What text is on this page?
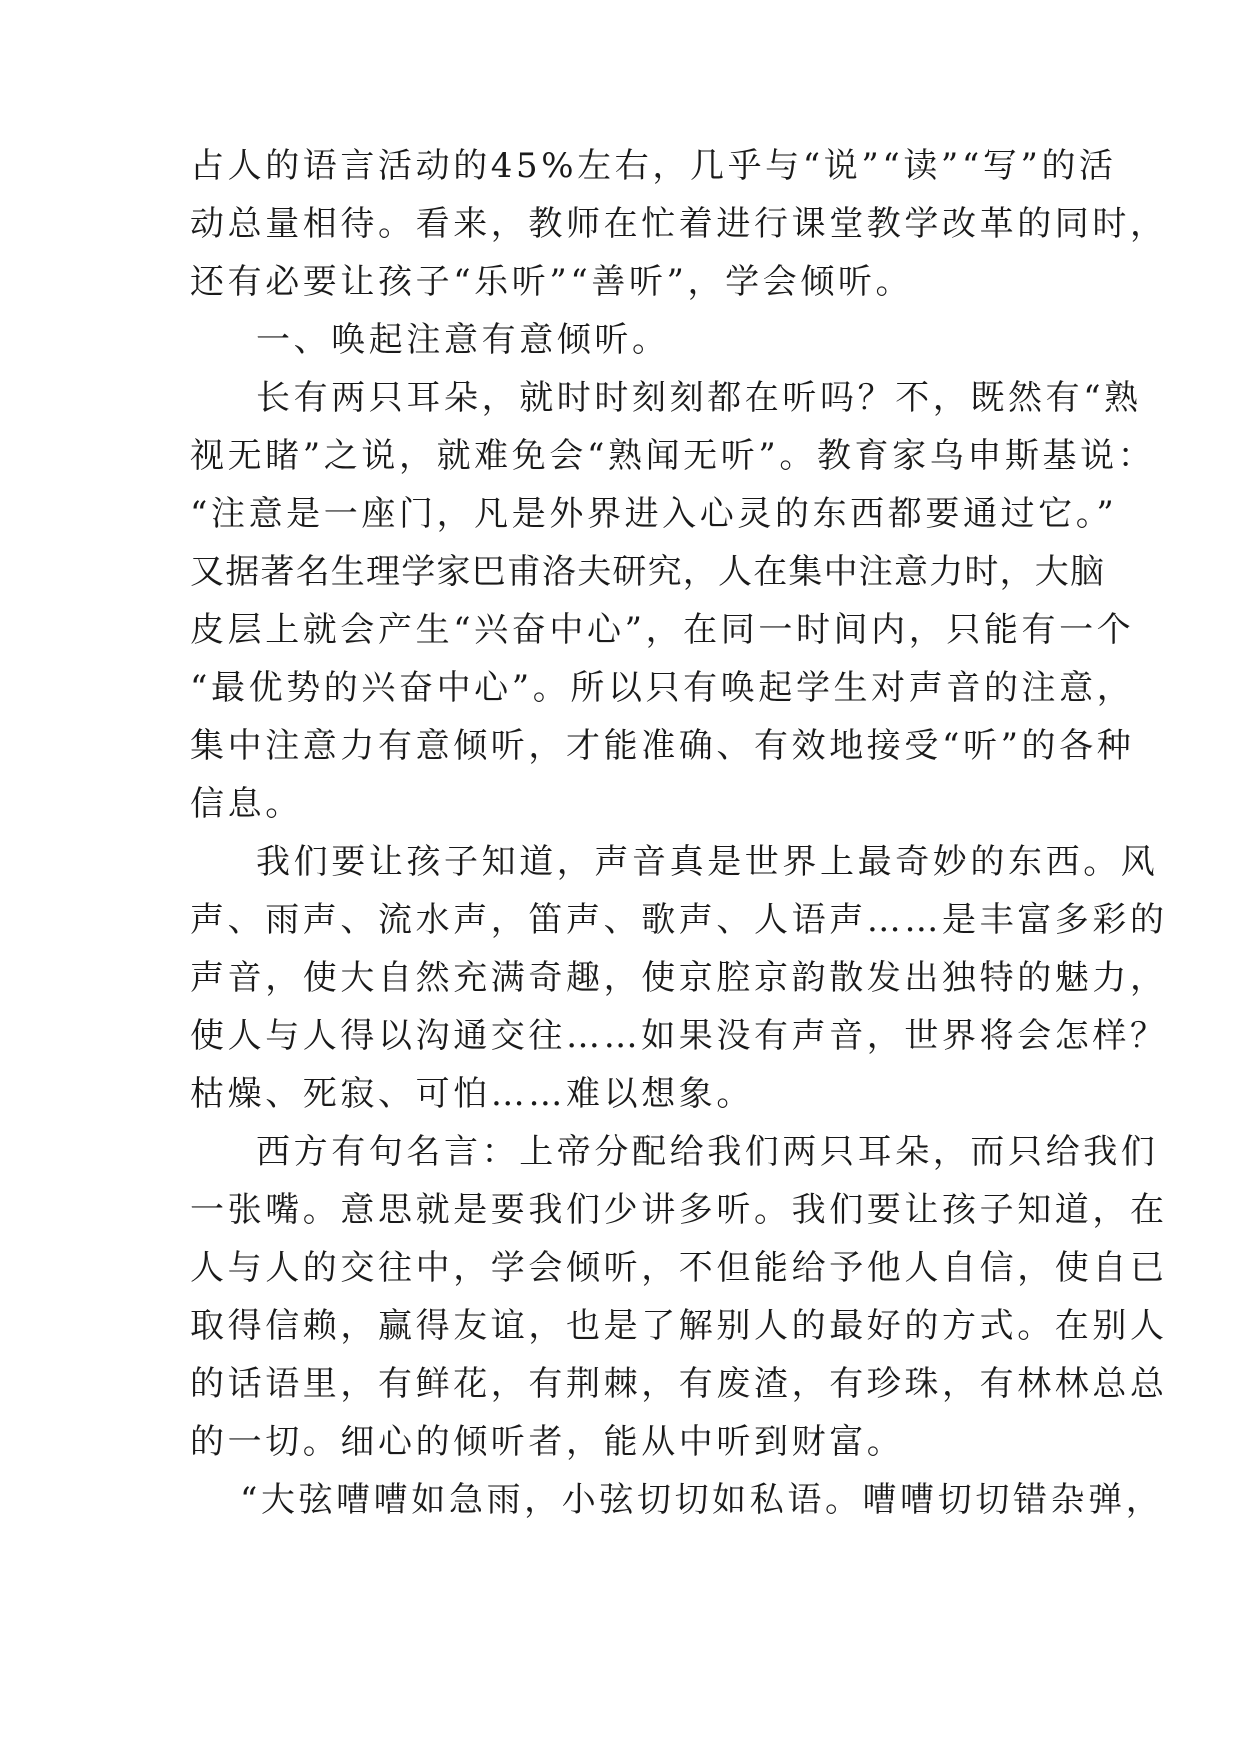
占人的语言活动的45%左右，几乎与“说”“读”“写”的活
动总量相待。看来，教师在忙着进行课堂教学改革的同时，
还有必要让孩子“乐听”“善听”，学会倾听。
一、唤起注意有意倾听。
长有两只耳朵，就时时刻刻都在听吗？不，既然有“熟
视无睹”之说，就难免会“熟闻无听”。教育家乌申斯基说：
“注意是一座门，凡是外界进入心灵的东西都要通过它。”
又据著名生理学家巴甫洛夫研究，人在集中注意力时，大脑
皮层上就会产生“兴奋中心”，在同一时间内，只能有一个
“最优势的兴奋中心”。所以只有唤起学生对声音的注意，
集中注意力有意倾听，才能准确、有效地接受“听”的各种
信息。
我们要让孩子知道，声音真是世界上最奇妙的东西。风
声、雨声、流水声，笛声、歌声、人语声……是丰富多彩的
声音，使大自然充满奇趣，使京腔京韵散发出独特的魅力，
使人与人得以沟通交往……如果没有声音，世界将会怎样？
枯燥、死寂、可怕……难以想象。
西方有句名言：上帝分配给我们两只耳朵，而只给我们
一张嘴。意思就是要我们少讲多听。我们要让孩子知道，在
人与人的交往中，学会倾听，不但能给予他人自信，使自已
取得信赖，赢得友谊，也是了解别人的最好的方式。在别人
的话语里，有鲜花，有荆棘，有废渣，有珍珠，有林林总总
的一切。细心的倾听者，能从中听到财富。
“大弦嘈嘈如急雨，小弦切切如私语。嘈嘈切切错杂弹，
